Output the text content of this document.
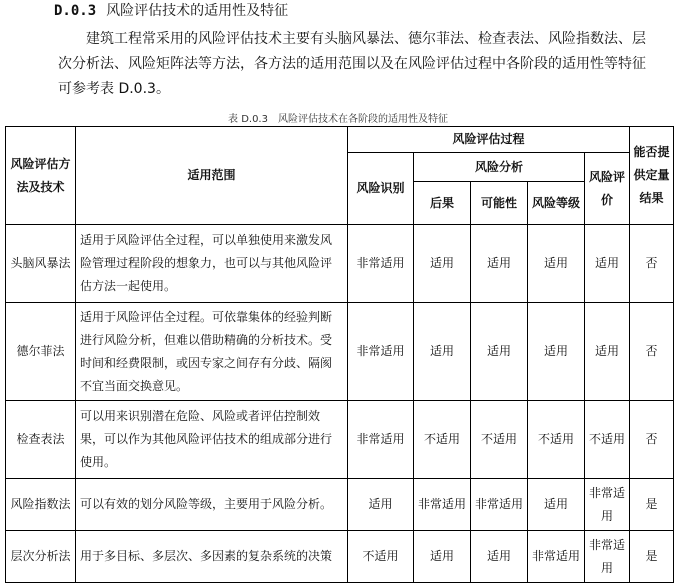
D.0.3 风险评估技术的适用性及特征
建筑工程常采用的风险评估技术主要有头脑风暴法、德尔菲法、检查表法、风险指数法、层次分析法、风险矩阵法等方法，各方法的适用范围以及在风险评估过程中各阶段的适用性等特征可参考表 D.0.3。
表 D.0.3　风险评估技术在各阶段的适用性及特征
风险评估方法及技术	适用范围	风险评估过程					能否提供定量结果
		风险识别	风险分析			风险评价	
			后果	可能性	风险等级		
头脑风暴法	适用于风险评估全过程，可以单独使用来激发风险管理过程阶段的想象力，也可以与其他风险评估方法一起使用。	非常适用	适用	适用	适用	适用	否
德尔菲法	适用于风险评估全过程。可依靠集体的经验判断进行风险分析，但难以借助精确的分析技术。受时间和经费限制，或因专家之间存有分歧、隔阂不宜当面交换意见。	非常适用	适用	适用	适用	适用	否
检查表法	可以用来识别潜在危险、风险或者评估控制效果，可以作为其他风险评估技术的组成部分进行使用。	非常适用	不适用	不适用	不适用	不适用	否
风险指数法	可以有效的划分风险等级，主要用于风险分析。	适用	非常适用	非常适用	适用	非常适用	是
层次分析法	用于多目标、多层次、多因素的复杂系统的决策	不适用	适用	适用	非常适用	非常适用	是
